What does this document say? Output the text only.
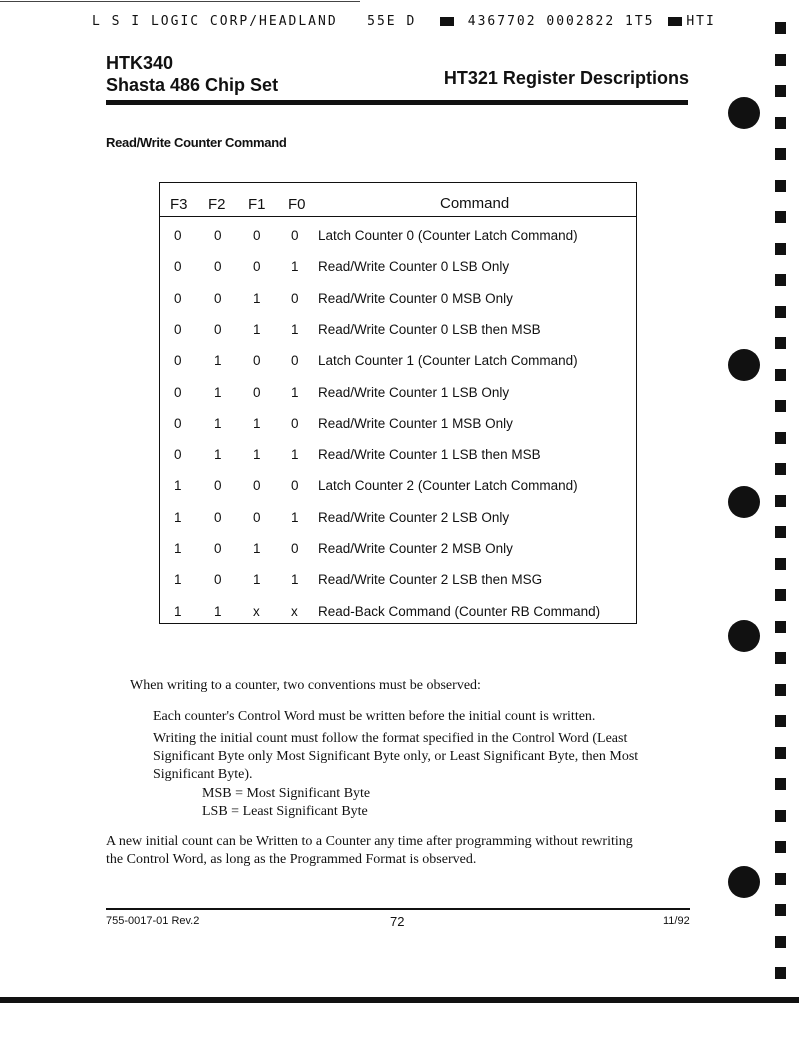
L S I LOGIC CORP/HEADLAND 55E D	4367702 0002822 1T5 HTI
HTK340
Shasta 486 Chip Set	HT321 Register Descriptions
Read/Write Counter Command
F3 F2 F1 F0	Command
0 0 0 0 Latch Counter 0 (Counter Latch Command)
0 0 0 1 Read/Write Counter 0 LSB Only
0 0 1 0 Read/Write Counter 0 MSB Only
0 0 1 1 Read/Write Counter 0 LSB then MSB
0 1 0 0 Latch Counter 1 (Counter Latch Command)
0 1 0 1 Read/Write Counter 1 LSB Only
0 1 1 0 Read/Write Counter 1 MSB Only
0 1 1 1 Read/Write Counter 1 LSB then MSB
1 0 0 0 Latch Counter 2 (Counter Latch Command)
1 0 0 1 Read/Write Counter 2 LSB Only
1 0 1 0 Read/Write Counter 2 MSB Only
1 0 1 1 Read/Write Counter 2 LSB then MSG
1 1 x x Read-Back Command (Counter RB Command)
When writing to a counter, two conventions must be observed:
Each counter's Control Word must be written before the initial count is written.
Writing the initial count must follow the format specified in the Control Word (Least
Significant Byte only Most Significant Byte only, or Least Significant Byte, then Most
Significant Byte).
MSB = Most Significant Byte
LSB = Least Significant Byte
A new initial count can be Written to a Counter any time after programming without rewriting
the Control Word, as long as the Programmed Format is observed.
755-0017-01 Rev.2	72	11/92
